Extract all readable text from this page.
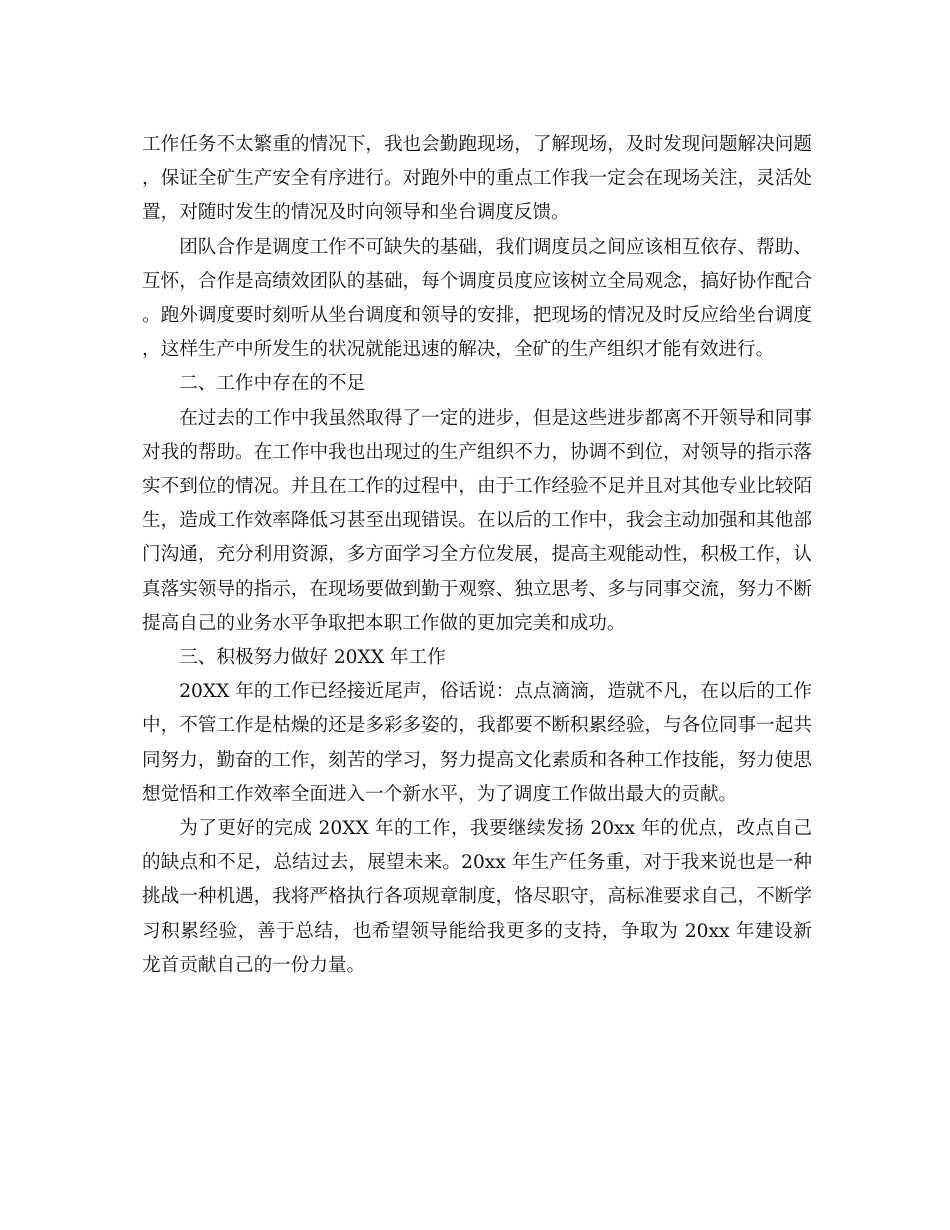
工作任务不太繁重的情况下，我也会勤跑现场，了解现场，及时发现问题解决问题，保证全矿生产安全有序进行。对跑外中的重点工作我一定会在现场关注，灵活处置，对随时发生的情况及时向领导和坐台调度反馈。

团队合作是调度工作不可缺失的基础，我们调度员之间应该相互依存、帮助、互怀，合作是高绩效团队的基础，每个调度员度应该树立全局观念，搞好协作配合。跑外调度要时刻听从坐台调度和领导的安排，把现场的情况及时反应给坐台调度，这样生产中所发生的状况就能迅速的解决，全矿的生产组织才能有效进行。

二、工作中存在的不足

在过去的工作中我虽然取得了一定的进步，但是这些进步都离不开领导和同事对我的帮助。在工作中我也出现过的生产组织不力，协调不到位，对领导的指示落实不到位的情况。并且在工作的过程中，由于工作经验不足并且对其他专业比较陌生，造成工作效率降低习甚至出现错误。在以后的工作中，我会主动加强和其他部门沟通，充分利用资源，多方面学习全方位发展，提高主观能动性，积极工作，认真落实领导的指示，在现场要做到勤于观察、独立思考、多与同事交流，努力不断提高自己的业务水平争取把本职工作做的更加完美和成功。

三、积极努力做好 20XX 年工作

20XX 年的工作已经接近尾声，俗话说：点点滴滴，造就不凡，在以后的工作中，不管工作是枯燥的还是多彩多姿的，我都要不断积累经验，与各位同事一起共同努力，勤奋的工作，刻苦的学习，努力提高文化素质和各种工作技能，努力使思想觉悟和工作效率全面进入一个新水平，为了调度工作做出最大的贡献。

为了更好的完成 20XX 年的工作，我要继续发扬 20xx 年的优点，改点自己的缺点和不足，总结过去，展望未来。20xx 年生产任务重，对于我来说也是一种挑战一种机遇，我将严格执行各项规章制度，恪尽职守，高标准要求自己，不断学习积累经验，善于总结，也希望领导能给我更多的支持，争取为 20xx 年建设新龙首贡献自己的一份力量。
